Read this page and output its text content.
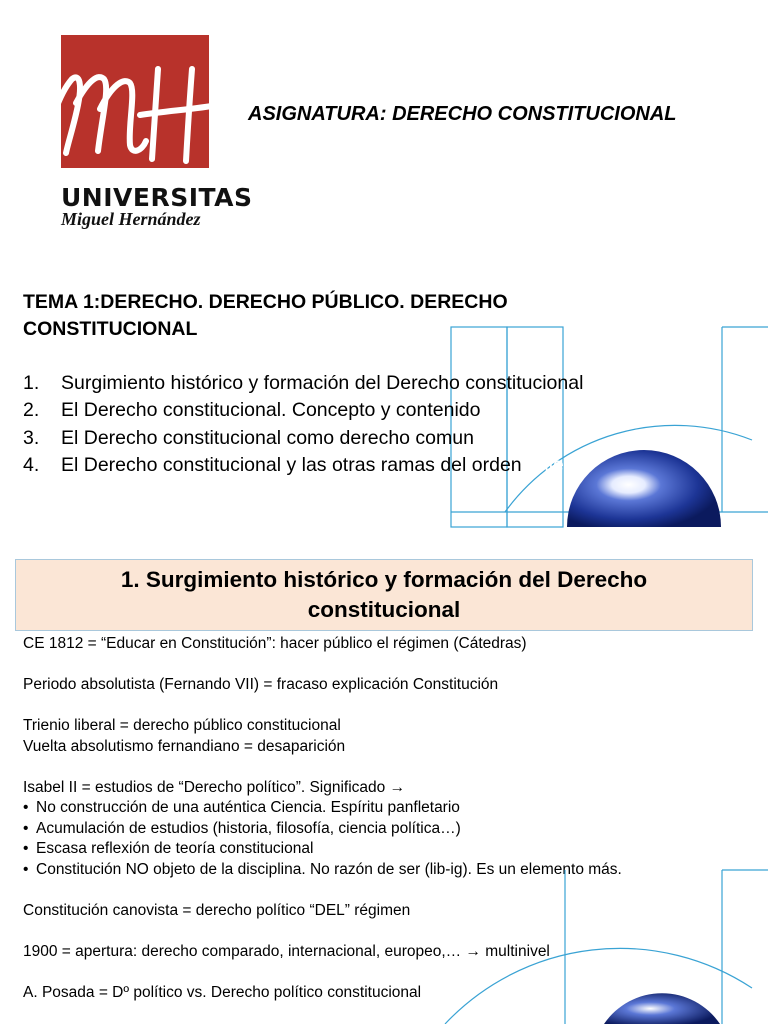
UNIVERSITAS
Miguel Hernández
ASIGNATURA: DERECHO CONSTITUCIONAL
TEMA 1:DERECHO. DERECHO PÚBLICO. DERECHO
CONSTITUCIONAL
1.	Surgimiento histórico y formación del Derecho constitucional
2.	El Derecho constitucional. Concepto y contenido
3.	El Derecho constitucional como derecho comun
4.	El Derecho constitucional y las otras ramas del ordenamiento
1. Surgimiento histórico y formación del Derecho
constitucional
CE 1812 = “Educar en Constitución”: hacer público el régimen (Cátedras)
Periodo absolutista (Fernando VII) = fracaso explicación Constitución
Trienio liberal = derecho público constitucional
Vuelta absolutismo fernandiano = desaparición
Isabel II = estudios de “Derecho político”. Significado →
• No construcción de una auténtica Ciencia. Espíritu panfletario
• Acumulación de estudios (historia, filosofía, ciencia política…)
• Escasa reflexión de teoría constitucional
• Constitución NO objeto de la disciplina. No razón de ser (lib-ig). Es un elemento más.
Constitución canovista = derecho político “DEL” régimen
1900 = apertura: derecho comparado, internacional, europeo,… → multinivel
A. Posada = Dº político vs. Derecho político constitucional
